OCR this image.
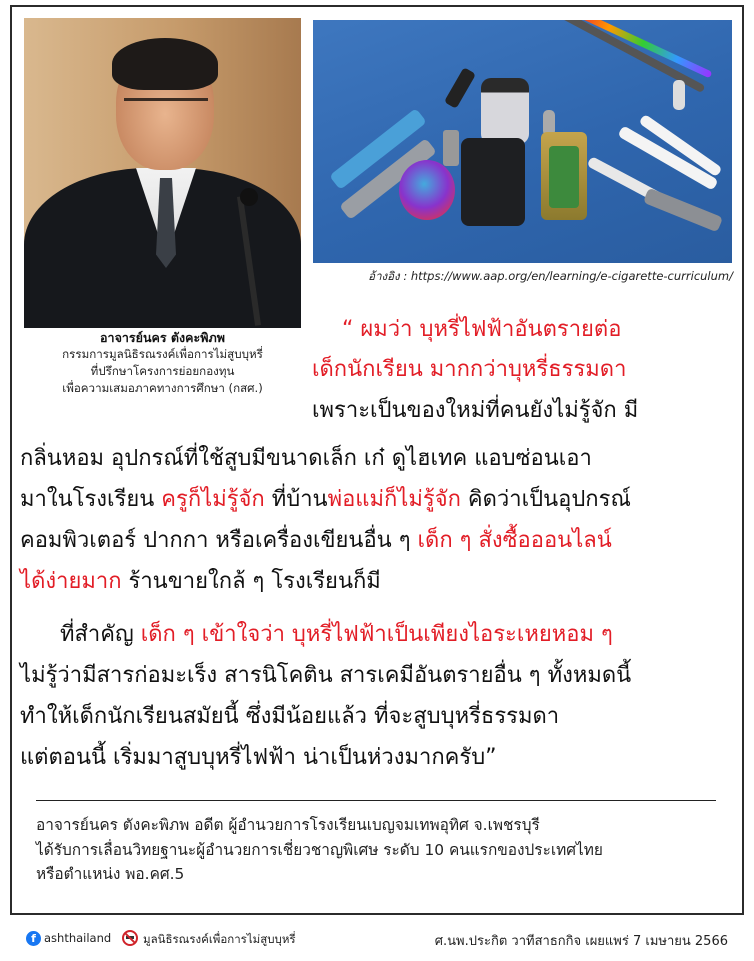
อาจารย์นคร ตังคะพิภพ
กรรมการมูลนิธิรณรงค์เพื่อการไม่สูบบุหรี่
ที่ปรึกษาโครงการย่อยกองทุน
เพื่อความเสมอภาคทางการศึกษา (กสศ.)
อ้างอิง : https://www.aap.org/en/learning/e-cigarette-curriculum/
“ ผมว่า บุหรี่ไฟฟ้าอันตรายต่อ
เด็กนักเรียน มากกว่าบุหรี่ธรรมดา
เพราะเป็นของใหม่ที่คนยังไม่รู้จัก มี
กลิ่นหอม อุปกรณ์ที่ใช้สูบมีขนาดเล็ก เก๋ ดูไฮเทค แอบซ่อนเอา
มาในโรงเรียน ครูก็ไม่รู้จัก ที่บ้านพ่อแม่ก็ไม่รู้จัก คิดว่าเป็นอุปกรณ์
คอมพิวเตอร์ ปากกา หรือเครื่องเขียนอื่น ๆ เด็ก ๆ สั่งซื้อออนไลน์
ได้ง่ายมาก ร้านขายใกล้ ๆ โรงเรียนก็มี
ที่สำคัญ เด็ก ๆ เข้าใจว่า บุหรี่ไฟฟ้าเป็นเพียงไอระเหยหอม ๆ
ไม่รู้ว่ามีสารก่อมะเร็ง สารนิโคติน สารเคมีอันตรายอื่น ๆ ทั้งหมดนี้
ทำให้เด็กนักเรียนสมัยนี้ ซึ่งมีน้อยแล้ว ที่จะสูบบุหรี่ธรรมดา
แต่ตอนนี้ เริ่มมาสูบบุหรี่ไฟฟ้า น่าเป็นห่วงมากครับ”
อาจารย์นคร ตังคะพิภพ อดีต ผู้อำนวยการโรงเรียนเบญจมเทพอุทิศ จ.เพชรบุรี
ได้รับการเลื่อนวิทยฐานะผู้อำนวยการเชี่ยวชาญพิเศษ ระดับ 10 คนแรกของประเทศไทย
หรือตำแหน่ง พอ.คศ.5
f ashthailand	มูลนิธิรณรงค์เพื่อการไม่สูบบุหรี่	ศ.นพ.ประกิต วาทีสาธกกิจ เผยแพร่ 7 เมษายน 2566
